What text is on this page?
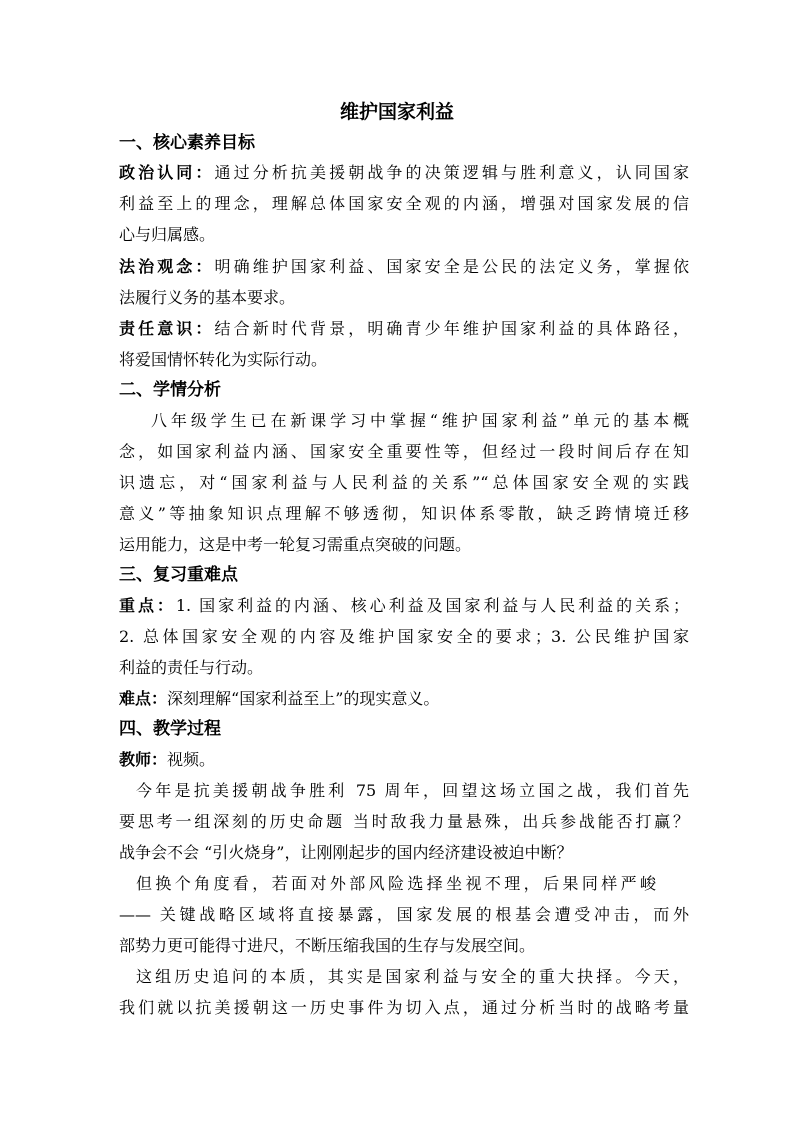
维护国家利益
一、核心素养目标
政治认同：通过分析抗美援朝战争的决策逻辑与胜利意义，认同国家
利益至上的理念，理解总体国家安全观的内涵，增强对国家发展的信
心与归属感。
法治观念：明确维护国家利益、国家安全是公民的法定义务，掌握依
法履行义务的基本要求。
责任意识：结合新时代背景，明确青少年维护国家利益的具体路径，
将爱国情怀转化为实际行动。
二、学情分析
八年级学生已在新课学习中掌握“维护国家利益”单元的基本概
念，如国家利益内涵、国家安全重要性等，但经过一段时间后存在知
识遗忘，对“国家利益与人民利益的关系”“总体国家安全观的实践
意义”等抽象知识点理解不够透彻，知识体系零散，缺乏跨情境迁移
运用能力，这是中考一轮复习需重点突破的问题。
三、复习重难点
重点：1. 国家利益的内涵、核心利益及国家利益与人民利益的关系；
2. 总体国家安全观的内容及维护国家安全的要求；3. 公民维护国家
利益的责任与行动。
难点：深刻理解“国家利益至上”的现实意义。
四、教学过程
教师：视频。
今年是抗美援朝战争胜利 75 周年，回望这场立国之战，我们首先
要思考一组深刻的历史命题 当时敌我力量悬殊，出兵参战能否打赢？
战争会不会 “引火烧身”，让刚刚起步的国内经济建设被迫中断？
但换个角度看，若面对外部风险选择坐视不理，后果同样严峻
—— 关键战略区域将直接暴露，国家发展的根基会遭受冲击，而外
部势力更可能得寸进尺，不断压缩我国的生存与发展空间。
这组历史追问的本质，其实是国家利益与安全的重大抉择。今天，
我们就以抗美援朝这一历史事件为切入点，通过分析当时的战略考量
